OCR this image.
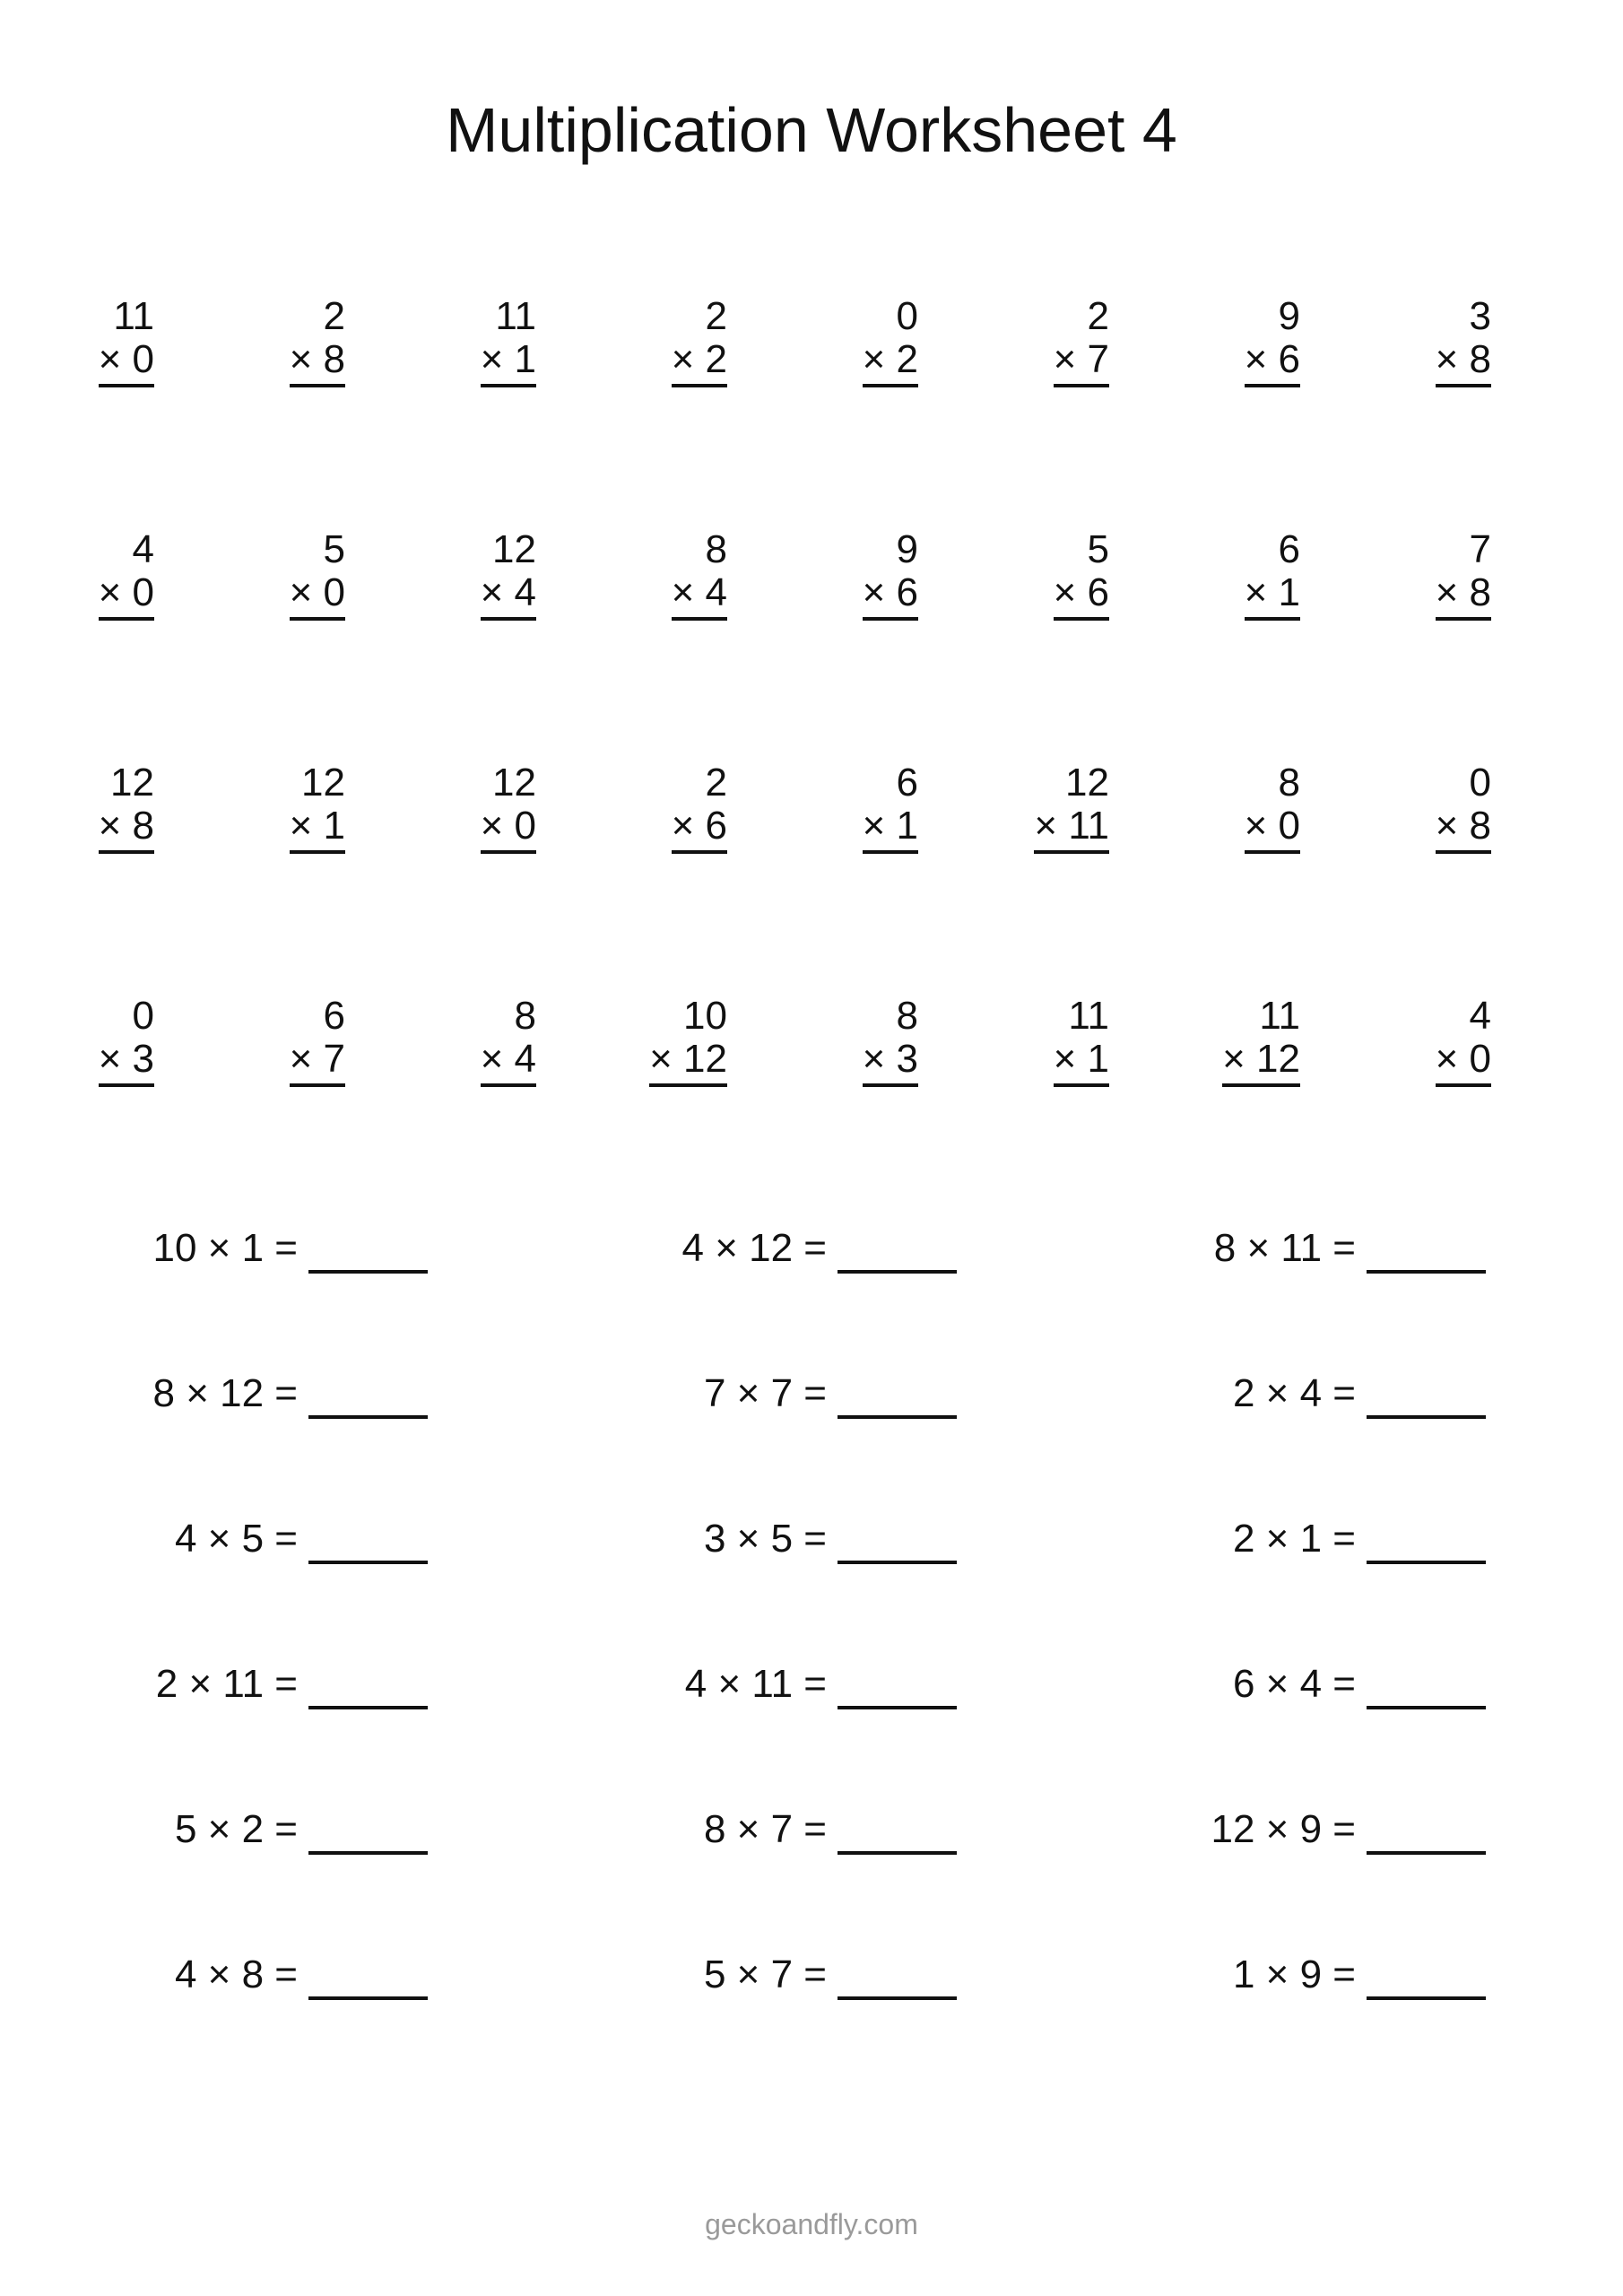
Multiplication Worksheet 4
11
× 0
2
× 8
11
× 1
2
× 2
0
× 2
2
× 7
9
× 6
3
× 8
4
× 0
5
× 0
12
× 4
8
× 4
9
× 6
5
× 6
6
× 1
7
× 8
12
× 8
12
× 1
12
× 0
2
× 6
6
× 1
12
× 11
8
× 0
0
× 8
0
× 3
6
× 7
8
× 4
10
× 12
8
× 3
11
× 1
11
× 12
4
× 0
10 × 1 =	4 × 12 =	8 × 11 =
8 × 12 =	7 × 7 =	2 × 4 =
4 × 5 =	3 × 5 =	2 × 1 =
2 × 11 =	4 × 11 =	6 × 4 =
5 × 2 =	8 × 7 =	12 × 9 =
4 × 8 =	5 × 7 =	1 × 9 =
geckoandfly.com
